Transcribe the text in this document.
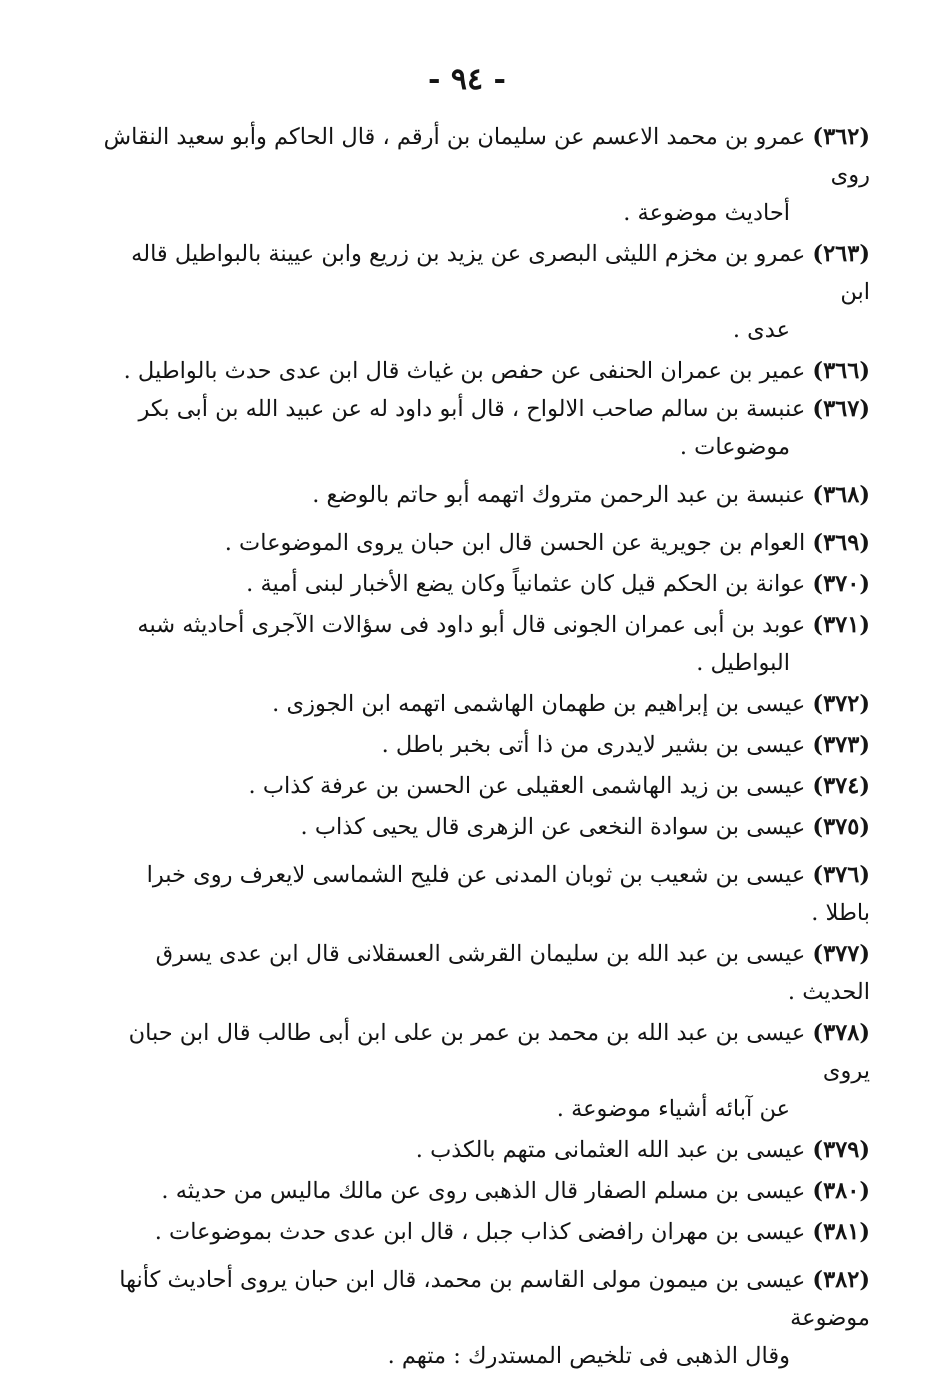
- ٩٤ -
(٣٦٢) عمرو بن محمد الاعسم عن سليمان بن أرقم ، قال الحاكم وأبو سعيد النقاش روى
أحاديث موضوعة .
(٢٦٣) عمرو بن مخزم الليثى البصرى عن يزيد بن زريع وابن عيينة بالبواطيل قاله ابن
عدى .
(٣٦٦) عمير بن عمران الحنفى عن حفص بن غياث قال ابن عدى حدث بالواطيل .
(٣٦٧) عنبسة بن سالم صاحب الالواح ، قال أبو داود له عن عبيد الله بن أبى بكر
موضوعات .
(٣٦٨) عنبسة بن عبد الرحمن متروك اتهمه أبو حاتم بالوضع .
(٣٦٩) العوام بن جويرية عن الحسن قال ابن حبان يروى الموضوعات .
(٣٧٠) عوانة بن الحكم قيل كان عثمانياً وكان يضع الأخبار لبنى أمية .
(٣٧١) عوبد بن أبى عمران الجونى قال أبو داود فى سؤالات الآجرى أحاديثه شبه
البواطيل .
(٣٧٢) عيسى بن إبراهيم بن طهمان الهاشمى اتهمه ابن الجوزى .
(٣٧٣) عيسى بن بشير لايدرى من ذا أتى بخبر باطل .
(٣٧٤) عيسى بن زيد الهاشمى العقيلى عن الحسن بن عرفة كذاب .
(٣٧٥) عيسى بن سوادة النخعى عن الزهرى قال يحيى كذاب .
(٣٧٦) عيسى بن شعيب بن ثوبان المدنى عن فليح الشماسى لايعرف روى خبرا باطلا .
(٣٧٧) عيسى بن عبد الله بن سليمان القرشى العسقلانى قال ابن عدى يسرق الحديث .
(٣٧٨) عيسى بن عبد الله بن محمد بن عمر بن على ابن أبى طالب قال ابن حبان يروى
عن آبائه أشياء موضوعة .
(٣٧٩) عيسى بن عبد الله العثمانى متهم بالكذب .
(٣٨٠) عيسى بن مسلم الصفار قال الذهبى روى عن مالك ماليس من حديثه .
(٣٨١) عيسى بن مهران رافضى كذاب جبل ، قال ابن عدى حدث بموضوعات .
(٣٨٢) عيسى بن ميمون مولى القاسم بن محمد، قال ابن حبان يروى أحاديث كأنها موضوعة
وقال الذهبى فى تلخيص المستدرك : متهم .
